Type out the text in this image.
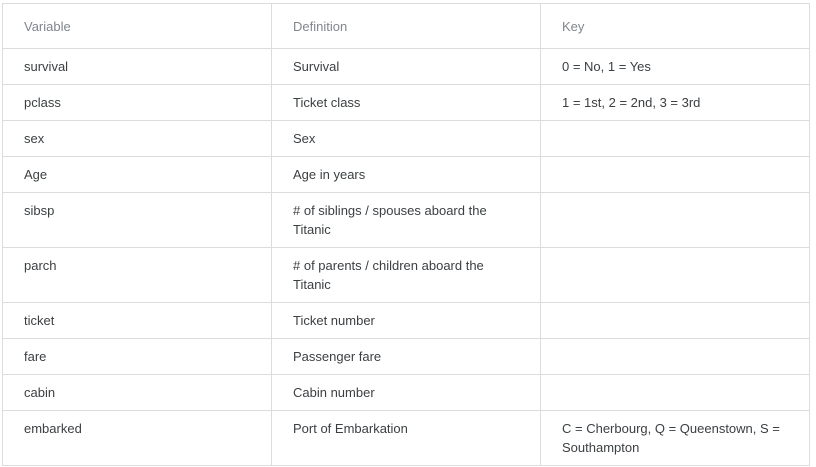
Variable	Definition	Key
survival	Survival	0 = No, 1 = Yes
pclass	Ticket class	1 = 1st, 2 = 2nd, 3 = 3rd
sex	Sex	
Age	Age in years	
sibsp	# of siblings / spouses aboard the Titanic	
parch	# of parents / children aboard the Titanic	
ticket	Ticket number	
fare	Passenger fare	
cabin	Cabin number	
embarked	Port of Embarkation	C = Cherbourg, Q = Queenstown, S = Southampton
